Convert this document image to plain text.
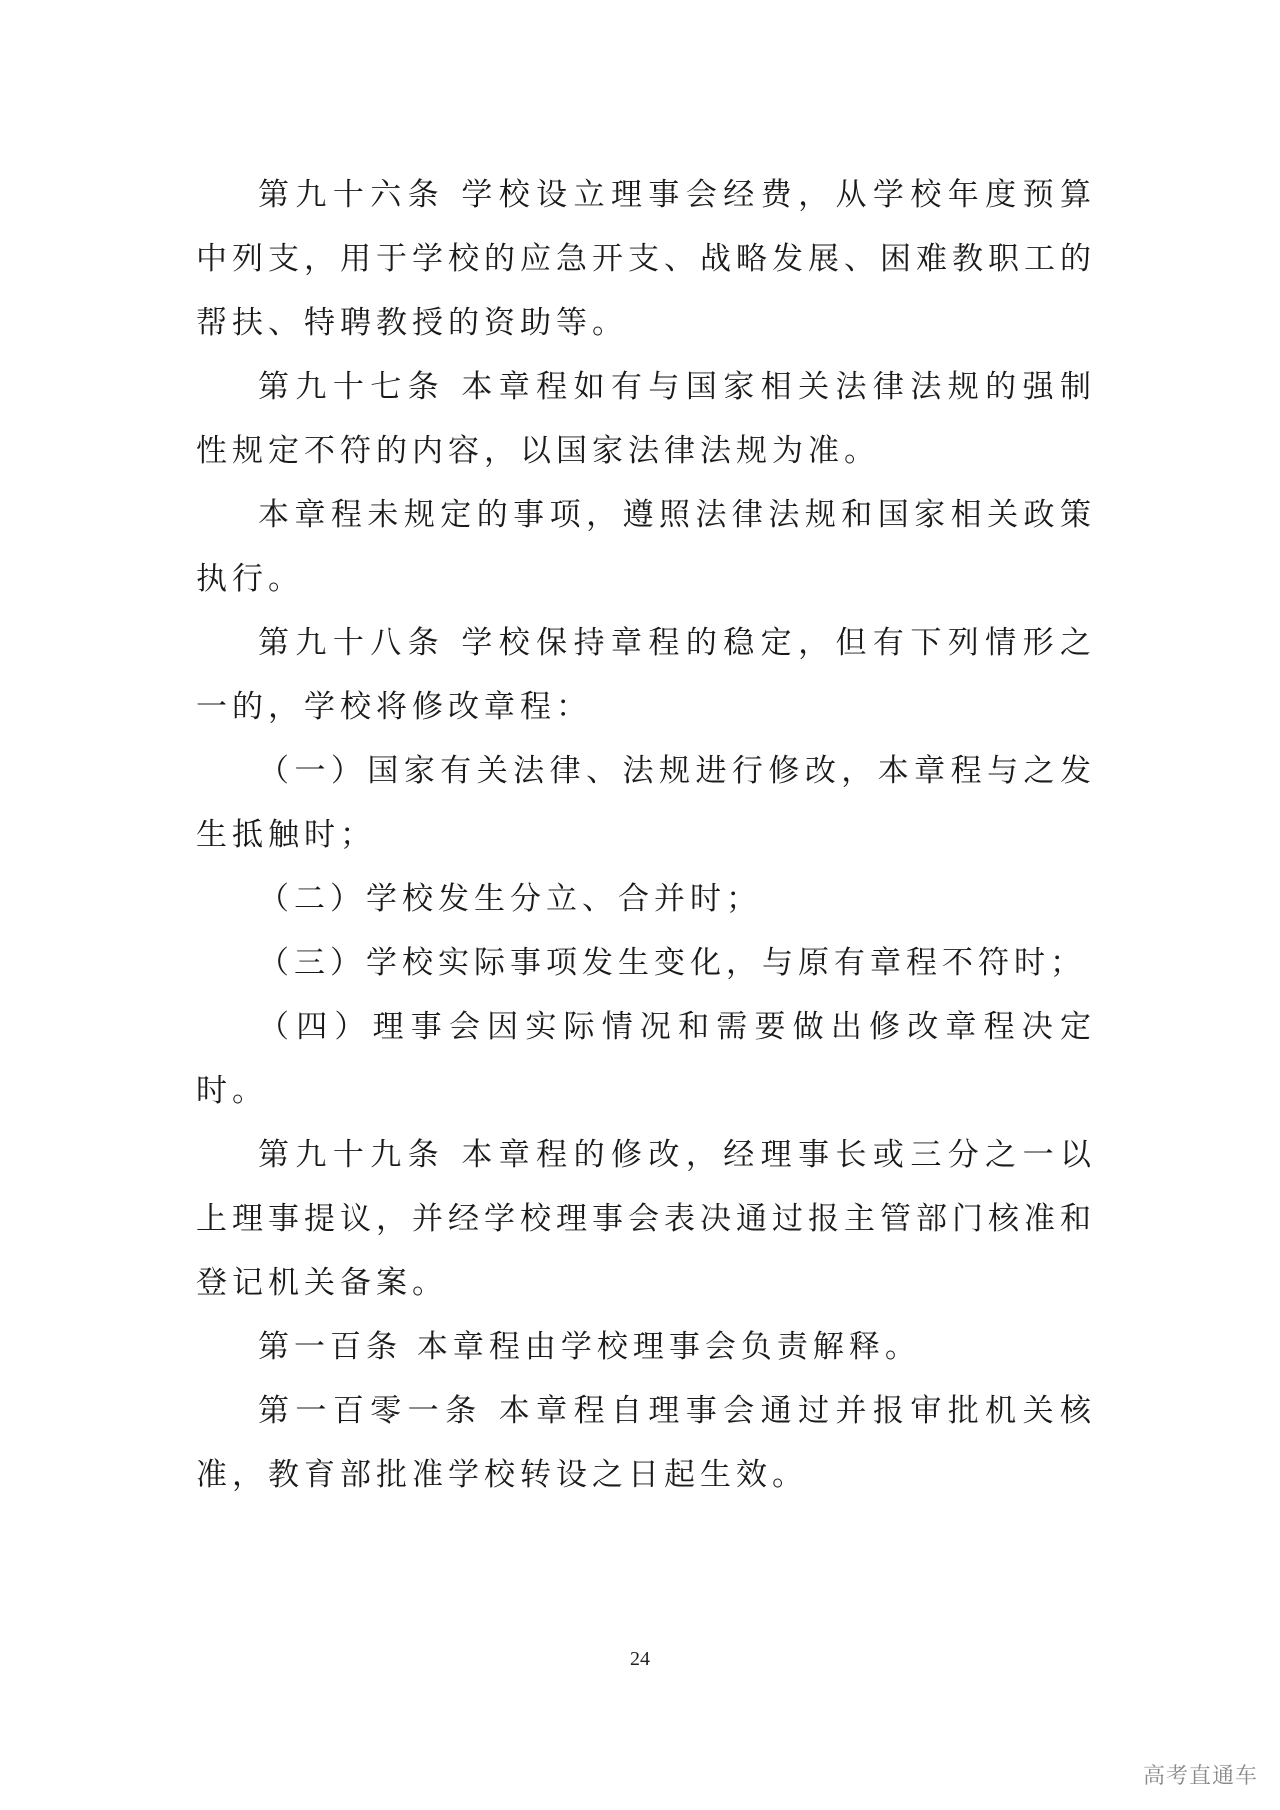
第九十六条 学校设立理事会经费，从学校年度预算中列支，用于学校的应急开支、战略发展、困难教职工的帮扶、特聘教授的资助等。

第九十七条 本章程如有与国家相关法律法规的强制性规定不符的内容，以国家法律法规为准。

本章程未规定的事项，遵照法律法规和国家相关政策执行。

第九十八条 学校保持章程的稳定，但有下列情形之一的，学校将修改章程：

（一）国家有关法律、法规进行修改，本章程与之发生抵触时；

（二）学校发生分立、合并时；

（三）学校实际事项发生变化，与原有章程不符时；

（四）理事会因实际情况和需要做出修改章程决定时。

第九十九条 本章程的修改，经理事长或三分之一以上理事提议，并经学校理事会表决通过报主管部门核准和登记机关备案。

第一百条 本章程由学校理事会负责解释。

第一百零一条 本章程自理事会通过并报审批机关核准，教育部批准学校转设之日起生效。

24
高考直通车
